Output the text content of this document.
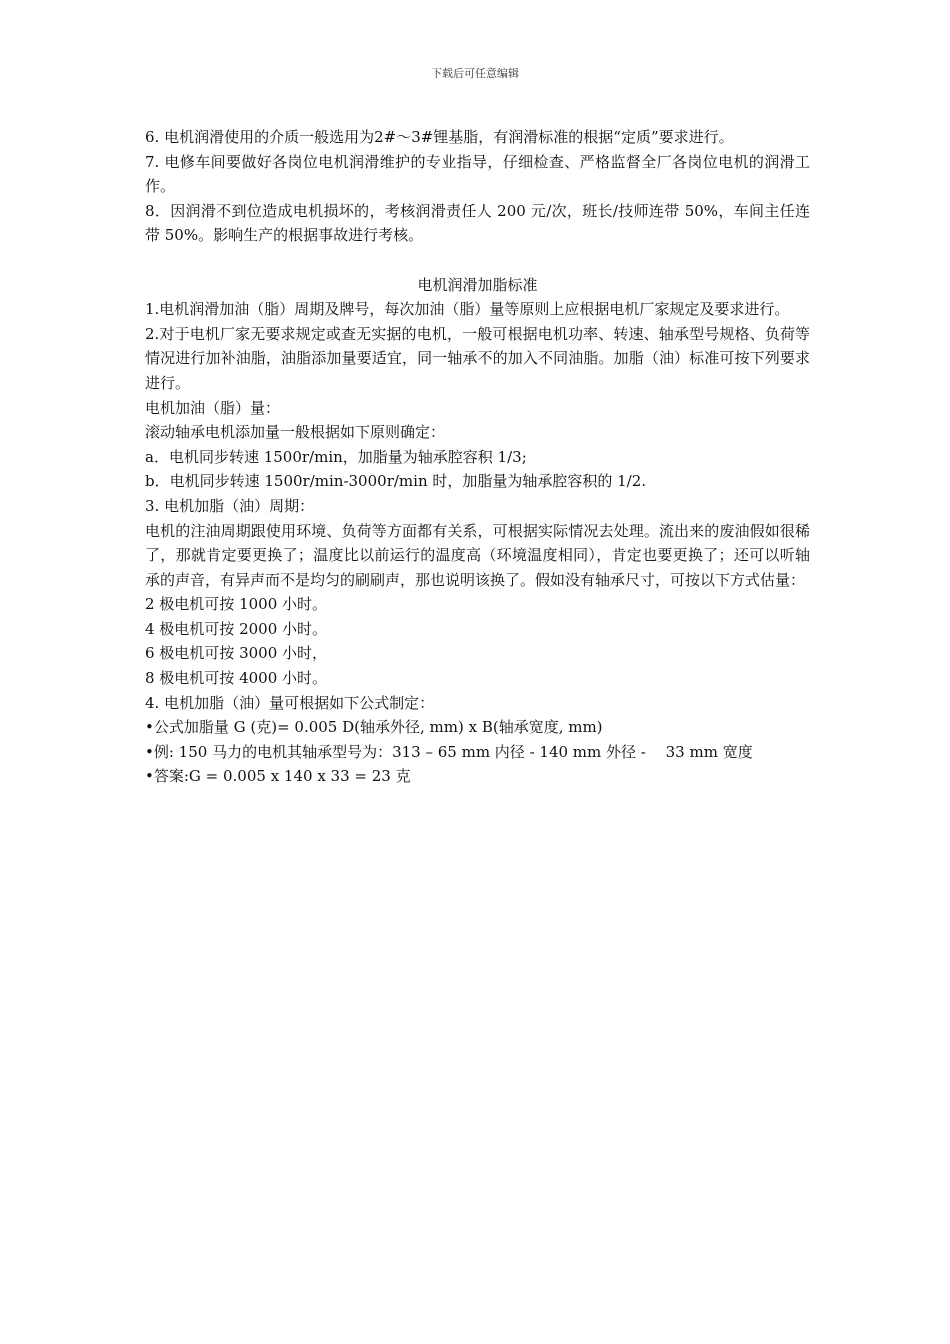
下载后可任意编辑

6. 电机润滑使用的介质一般选用为2#～3#锂基脂，有润滑标准的根据“定质”要求进行。

7. 电修车间要做好各岗位电机润滑维护的专业指导，仔细检查、严格监督全厂各岗位电机的润滑工作。

8．因润滑不到位造成电机损坏的，考核润滑责任人 200 元/次，班长/技师连带 50%，车间主任连带 50%。影响生产的根据事故进行考核。

电机润滑加脂标准

1.电机润滑加油（脂）周期及牌号，每次加油（脂）量等原则上应根据电机厂家规定及要求进行。

2.对于电机厂家无要求规定或查无实据的电机，一般可根据电机功率、转速、轴承型号规格、负荷等情况进行加补油脂，油脂添加量要适宜，同一轴承不的加入不同油脂。加脂（油）标准可按下列要求进行。

电机加油（脂）量：

滚动轴承电机添加量一般根据如下原则确定：

a．电机同步转速 1500r/min，加脂量为轴承腔容积 1/3;

b．电机同步转速 1500r/min-3000r/min 时，加脂量为轴承腔容积的 1/2.

3. 电机加脂（油）周期：

电机的注油周期跟使用环境、负荷等方面都有关系，可根据实际情况去处理。流出来的废油假如很稀了，那就肯定要更换了；温度比以前运行的温度高（环境温度相同），肯定也要更换了；还可以听轴承的声音，有异声而不是均匀的刷刷声，那也说明该换了。假如没有轴承尺寸，可按以下方式估量：

2 极电机可按 1000 小时。

4 极电机可按 2000 小时。

6 极电机可按 3000 小时，

8 极电机可按 4000 小时。

4. 电机加脂（油）量可根据如下公式制定：

•公式加脂量 G (克)= 0.005 D(轴承外径, mm) x B(轴承宽度, mm)

•例: 150 马力的电机其轴承型号为：313 – 65 mm 内径 - 140 mm 外径 -　 33 mm 宽度

•答案:G = 0.005 x 140 x 33 = 23 克
